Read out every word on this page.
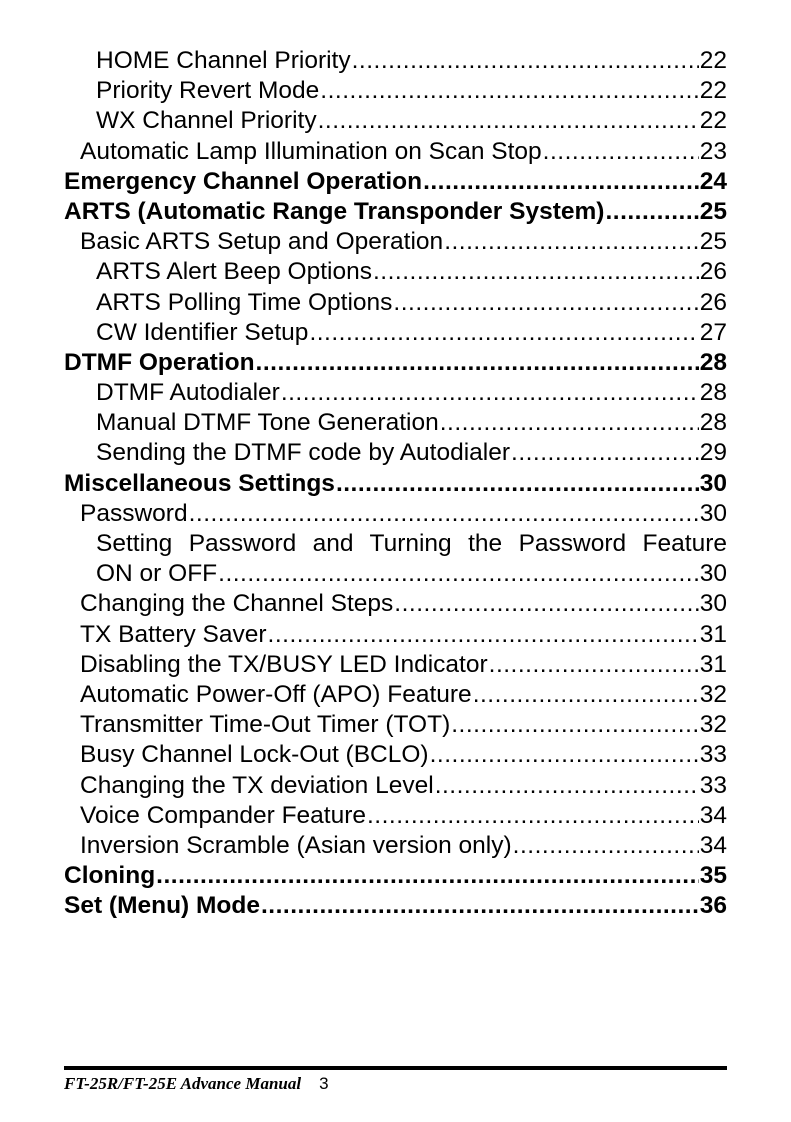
HOME Channel Priority .....	22
Priority Revert Mode .....	22
WX Channel Priority .....	22
Automatic Lamp Illumination on Scan Stop .....	23
Emergency Channel Operation .....	24
ARTS (Automatic Range Transponder System) .....	25
Basic ARTS Setup and Operation .....	25
ARTS Alert Beep Options .....	26
ARTS Polling Time Options .....	26
CW Identifier Setup .....	27
DTMF Operation .....	28
DTMF Autodialer .....	28
Manual DTMF Tone Generation .....	28
Sending the DTMF code by Autodialer .....	29
Miscellaneous Settings .....	30
Password .....	30
Setting Password and Turning the Password Feature
ON or OFF .....	30
Changing the Channel Steps .....	30
TX Battery Saver .....	31
Disabling the TX/BUSY LED Indicator .....	31
Automatic Power-Off (APO) Feature .....	32
Transmitter Time-Out Timer (TOT) .....	32
Busy Channel Lock-Out (BCLO) .....	33
Changing the TX deviation Level .....	33
Voice Compander Feature .....	34
Inversion Scramble (Asian version only) .....	34
Cloning .....	35
Set (Menu) Mode .....	36
FT-25R/FT-25E Advance Manual 3
